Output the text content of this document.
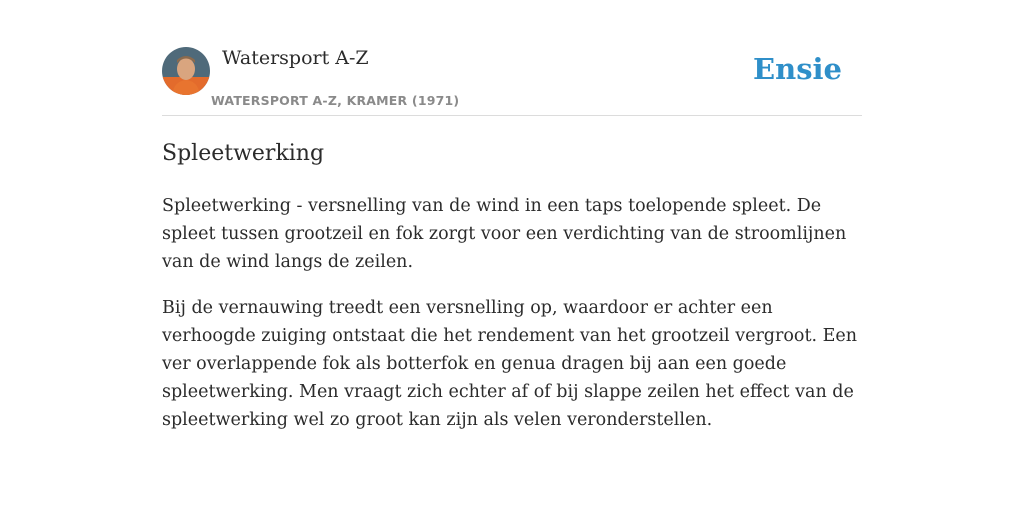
Watersport A-Z
WATERSPORT A-Z, KRAMER (1971)
Ensie
Spleetwerking

Spleetwerking - versnelling van de wind in een taps toelopende spleet. De spleet tussen grootzeil en fok zorgt voor een verdichting van de stroomlijnen van de wind langs de zeilen.

Bij de vernauwing treedt een versnelling op, waardoor er achter een verhoogde zuiging ontstaat die het rendement van het grootzeil vergroot. Een ver overlappende fok als botterfok en genua dragen bij aan een goede spleetwerking. Men vraagt zich echter af of bij slappe zeilen het effect van de spleetwerking wel zo groot kan zijn als velen veronderstellen.
